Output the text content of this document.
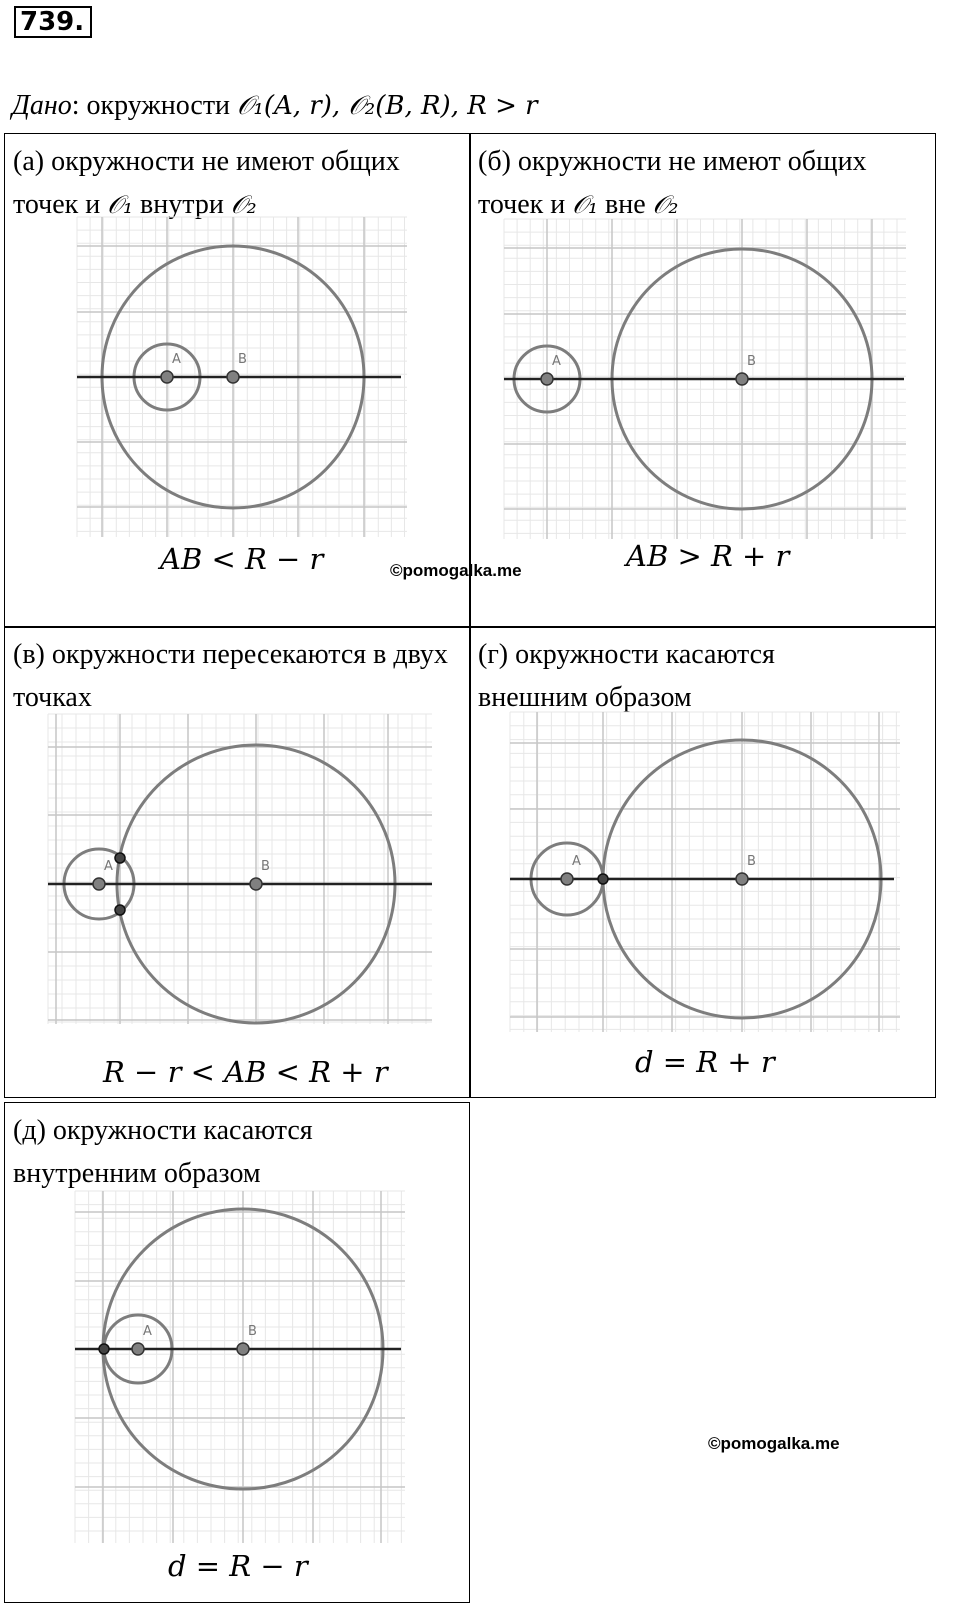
739.
Дано: окружности 𝒪₁(A, r), 𝒪₂(B, R), R > r
(а) окружности не имеют общих точек и 𝒪₁ внутри 𝒪₂
A	B
AB < R − r
(б) окружности не имеют общих точек и 𝒪₁ вне 𝒪₂
A	B
AB > R + r
(в) окружности пересекаются в двух точках
A	B
R − r < AB < R + r
(г) окружности касаются внешним образом
A	B
d = R + r
(д) окружности касаются внутренним образом
A	B
d = R − r
©pomogalka.me
©pomogalka.me
